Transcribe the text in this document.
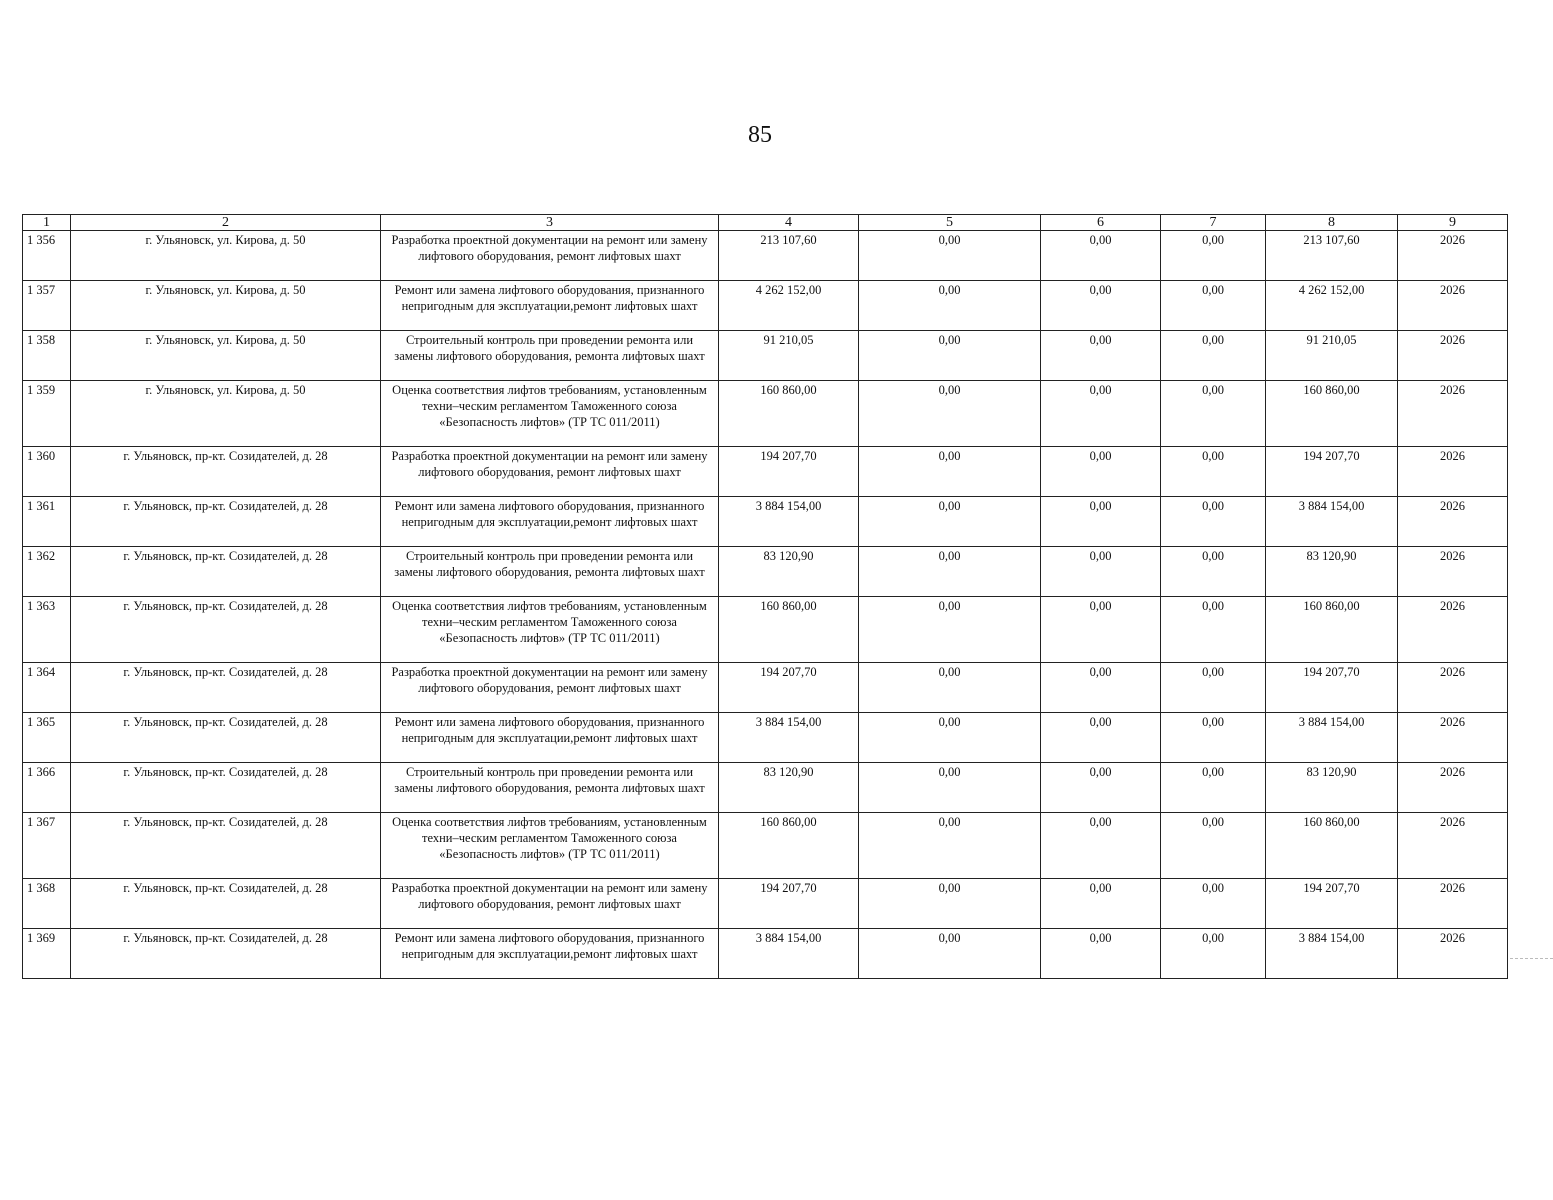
85
1	2	3	4	5	6	7	8	9
1 356	г. Ульяновск, ул. Кирова, д. 50	Разработка проектной документации на ремонт или замену лифтового оборудования, ремонт лифтовых шахт	213 107,60	0,00	0,00	0,00	213 107,60	2026
1 357	г. Ульяновск, ул. Кирова, д. 50	Ремонт или замена лифтового оборудования, признанного непригодным для эксплуатации,ремонт лифтовых шахт	4 262 152,00	0,00	0,00	0,00	4 262 152,00	2026
1 358	г. Ульяновск, ул. Кирова, д. 50	Строительный контроль при проведении ремонта или замены лифтового оборудования, ремонта лифтовых шахт	91 210,05	0,00	0,00	0,00	91 210,05	2026
1 359	г. Ульяновск, ул. Кирова, д. 50	Оценка соответствия лифтов требованиям, установленным техни–ческим регламентом Таможенного союза «Безопасность лифтов» (ТР ТС 011/2011)	160 860,00	0,00	0,00	0,00	160 860,00	2026
1 360	г. Ульяновск, пр-кт. Созидателей, д. 28	Разработка проектной документации на ремонт или замену лифтового оборудования, ремонт лифтовых шахт	194 207,70	0,00	0,00	0,00	194 207,70	2026
1 361	г. Ульяновск, пр-кт. Созидателей, д. 28	Ремонт или замена лифтового оборудования, признанного непригодным для эксплуатации,ремонт лифтовых шахт	3 884 154,00	0,00	0,00	0,00	3 884 154,00	2026
1 362	г. Ульяновск, пр-кт. Созидателей, д. 28	Строительный контроль при проведении ремонта или замены лифтового оборудования, ремонта лифтовых шахт	83 120,90	0,00	0,00	0,00	83 120,90	2026
1 363	г. Ульяновск, пр-кт. Созидателей, д. 28	Оценка соответствия лифтов требованиям, установленным техни–ческим регламентом Таможенного союза «Безопасность лифтов» (ТР ТС 011/2011)	160 860,00	0,00	0,00	0,00	160 860,00	2026
1 364	г. Ульяновск, пр-кт. Созидателей, д. 28	Разработка проектной документации на ремонт или замену лифтового оборудования, ремонт лифтовых шахт	194 207,70	0,00	0,00	0,00	194 207,70	2026
1 365	г. Ульяновск, пр-кт. Созидателей, д. 28	Ремонт или замена лифтового оборудования, признанного непригодным для эксплуатации,ремонт лифтовых шахт	3 884 154,00	0,00	0,00	0,00	3 884 154,00	2026
1 366	г. Ульяновск, пр-кт. Созидателей, д. 28	Строительный контроль при проведении ремонта или замены лифтового оборудования, ремонта лифтовых шахт	83 120,90	0,00	0,00	0,00	83 120,90	2026
1 367	г. Ульяновск, пр-кт. Созидателей, д. 28	Оценка соответствия лифтов требованиям, установленным техни–ческим регламентом Таможенного союза «Безопасность лифтов» (ТР ТС 011/2011)	160 860,00	0,00	0,00	0,00	160 860,00	2026
1 368	г. Ульяновск, пр-кт. Созидателей, д. 28	Разработка проектной документации на ремонт или замену лифтового оборудования, ремонт лифтовых шахт	194 207,70	0,00	0,00	0,00	194 207,70	2026
1 369	г. Ульяновск, пр-кт. Созидателей, д. 28	Ремонт или замена лифтового оборудования, признанного непригодным для эксплуатации,ремонт лифтовых шахт	3 884 154,00	0,00	0,00	0,00	3 884 154,00	2026
